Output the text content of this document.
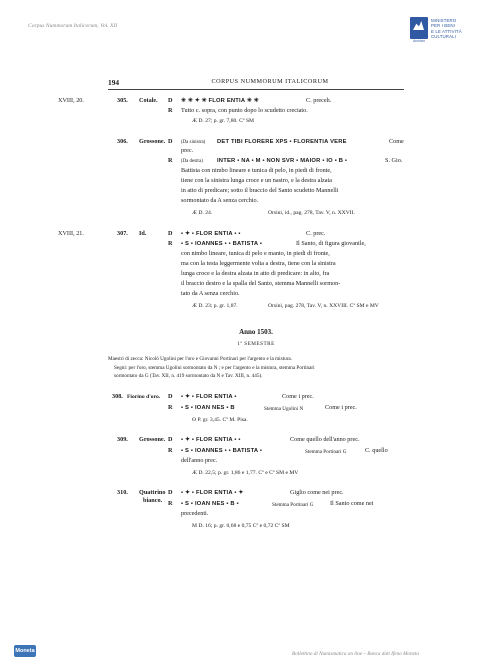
Corpus Nummorum Italicorum, Vol. XII
Archivio
MINISTERO
PER I BENI
E LE ATTIVITÀ
CULTURALI
194	CORPUS NUMMORUM ITALICORUM
XVIII, 20.	305. Cotale. D ✳ ✳ ✦ ✳ FLOR ENTIA ✳ ✳	C. preceh.
R Tutto c. sopra, con punto dopo lo scudetto creciato.
Æ D. 27; p. gr. 7,80. Cº SM
306. Grossone. D (Da sinistra) DET TIBI FLORERE XPS • FLORENTIA VERE	Come
prec.
R (Da destra) INTER • NA • M • NON SVR • MAIOR • IO • B •	S. Gio.
Battista con nimbo lineare e tunica di pelo, in piedi di fronte,
tiene con la sinistra lunga croce e un nastro, e la destra alzata
in atto di predicare; sotto il braccio del Santo scudetto Mannelli
sormontato da A senza cerchio.
Æ D. 24.	Orsini, id., pag. 278, Tav. V, n. XXVII.
XVIII, 21.	307. Id.	D • ✦ • FLOR ENTIA • •	C. prec.
R • S • IOANNES • • BATISTA •	Il Santo, di figura giovanile,
con nimbo lineare, tunica di pelo e manto, in piedi di fronte,
ma con la testa leggermente volta a destra, tiene con la sinistra
lunga croce e la destra alzata in atto di predicare: in alto, fra
il braccio destro e la spalla del Santo, stemma Mannelli sormon-
tato da A senza cerchio.
Æ D. 23; p. gr. 1,87.	Orsini, pag. 278, Tav. V, n. XXVIII. Cº SM e MV
Anno 1503.
1º SEMESTRE
Maestri di zecca: Nicolò Ugolini per l'oro e Giovanni Portinari per l'argento e la mistura.
Segni: per l'oro, stemma Ugolini sormontato da N ; e per l'argento e la mistura, stemma Portinari
sormontato da G (Tav. XII, n. 419 sormontato da N e Tav. XIII, n. 445).
308. Fiorino d'oro. D • ✦ • FLOR ENTIA •	Come i prec.
R • S • IOAN NES • B	Stemma Ugolini N	Come i prec.
ʘ P. gr. 3,45. Cº M. Pisa.
309. Grossone. D • ✦ • FLOR ENTIA • •	Come quello dell'anno prec.
R • S • IOANNES • • BATISTA •	Stemma Portinari G	C. quello
dell'anno prec.
Æ D. 22,5; p. gr. 1,86 e 1,77. Cº e Cº SM e MV
310. Quattrino
bianco.
D • ✦ • FLOR ENTIA • ✦	Giglio come nei prec.
R • S • IOAN NES • B •	Stemma Portinari G	Il Santo come nei
precedenti.
M D. 16; p. gr. 0,68 e 0,75 Cº e 0,72 Cº SM
Moneta	Bollettino di Numismatica on line – Banca dati Ifeno Moneta
